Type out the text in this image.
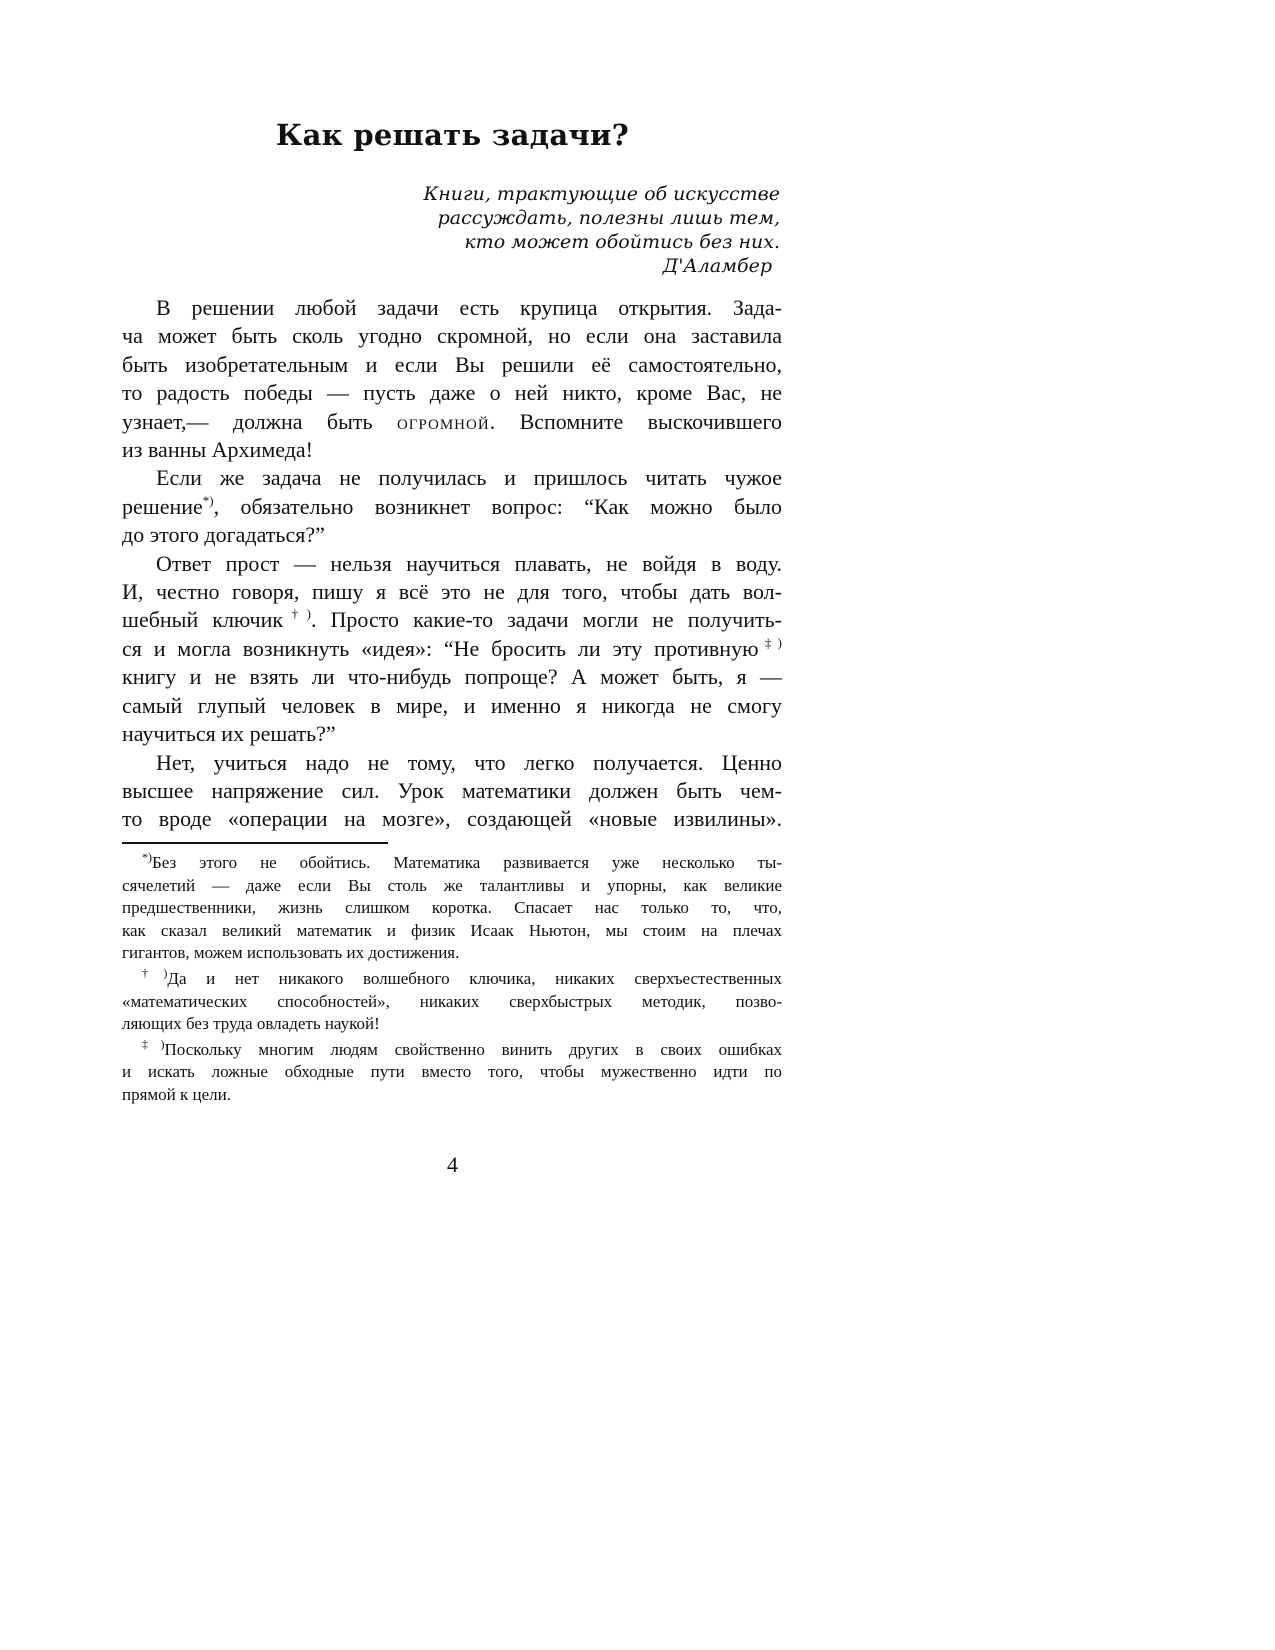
Как решать задачи?
Книги, трактующие об искусстве
рассуждать, полезны лишь тем,
кто может обойтись без них.
Д'Аламбер
В решении любой задачи есть крупица открытия. Зада-
ча может быть сколь угодно скромной, но если она заставила
быть изобретательным и если Вы решили её самостоятельно,
то радость победы — пусть даже о ней никто, кроме Вас, не
узнает,— должна быть огромной. Вспомните выскочившего
из ванны Архимеда!
Если же задача не получилась и пришлось читать чужое
решение*), обязательно возникнет вопрос: “Как можно было
до этого догадаться?”
Ответ прост — нельзя научиться плавать, не войдя в воду.
И, честно говоря, пишу я всё это не для того, чтобы дать вол-
шебный ключик†). Просто какие-то задачи могли не получить-
ся и могла возникнуть «идея»: “Не бросить ли эту противную‡)
книгу и не взять ли что-нибудь попроще? А может быть, я —
самый глупый человек в мире, и именно я никогда не смогу
научиться их решать?”
Нет, учиться надо не тому, что легко получается. Ценно
высшее напряжение сил. Урок математики должен быть чем-
то вроде «операции на мозге», создающей «новые извилины».
*)Без этого не обойтись. Математика развивается уже несколько ты-
сячелетий — даже если Вы столь же талантливы и упорны, как великие
предшественники, жизнь слишком коротка. Спасает нас только то, что,
как сказал великий математик и физик Исаак Ньютон, мы стоим на плечах
гигантов, можем использовать их достижения.
†)Да и нет никакого волшебного ключика, никаких сверхъестественных
«математических способностей», никаких сверхбыстрых методик, позво-
ляющих без труда овладеть наукой!
‡)Поскольку многим людям свойственно винить других в своих ошибках
и искать ложные обходные пути вместо того, чтобы мужественно идти по
прямой к цели.
4
